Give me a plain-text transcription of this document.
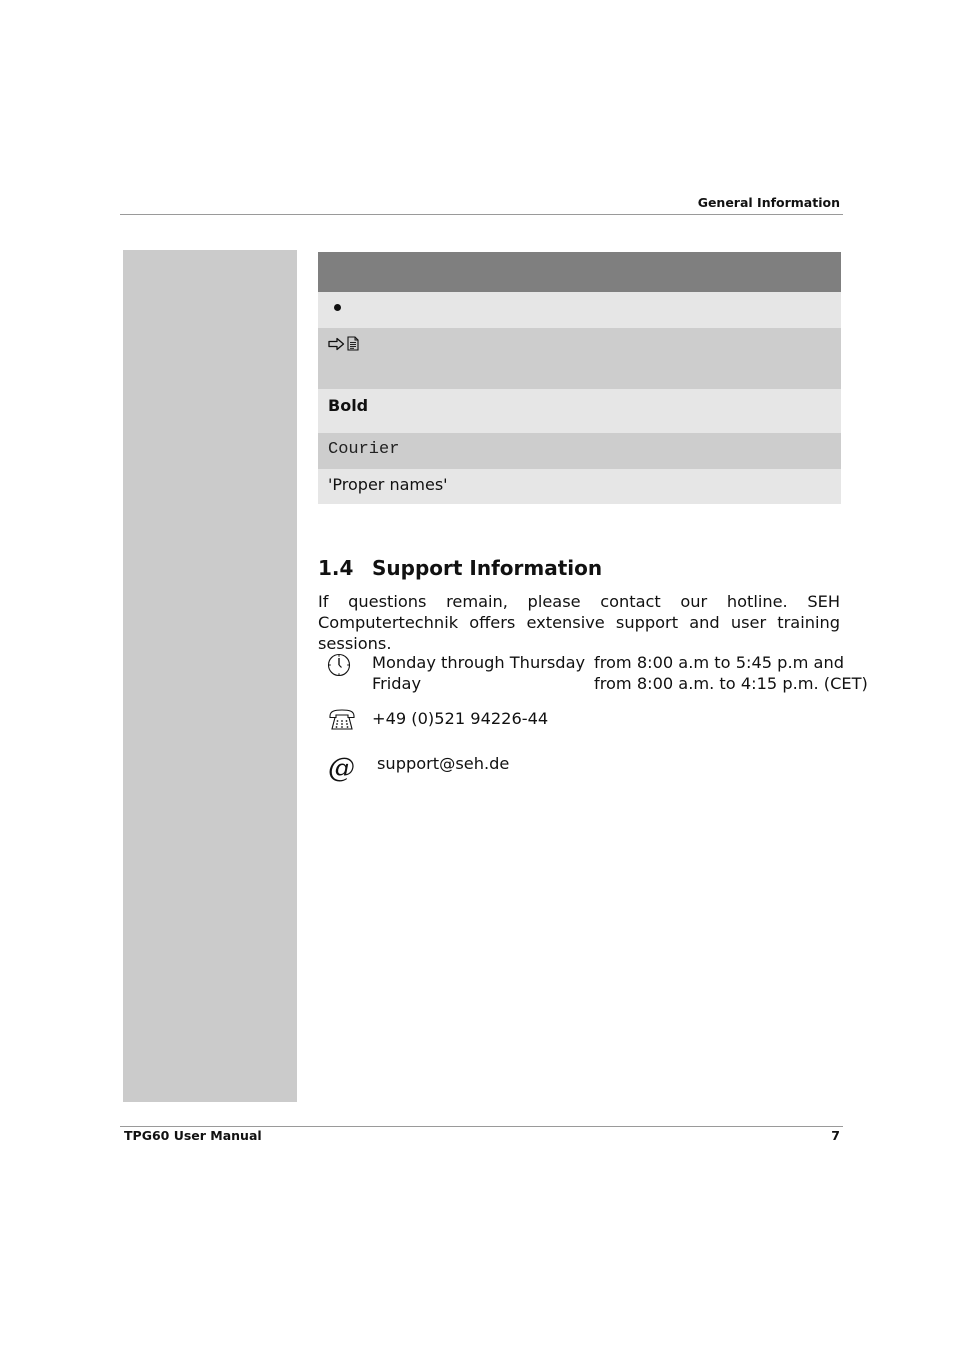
General Information
Bold
Courier
'Proper names'
1.4 Support Information
If questions remain, please contact our hotline. SEH Computertechnik offers extensive support and user training sessions.
Monday through Thursday
Friday
from 8:00 a.m to 5:45 p.m and
from 8:00 a.m. to 4:15 p.m. (CET)
+49 (0)521 94226-44
@ support@seh.de
TPG60 User Manual	7
